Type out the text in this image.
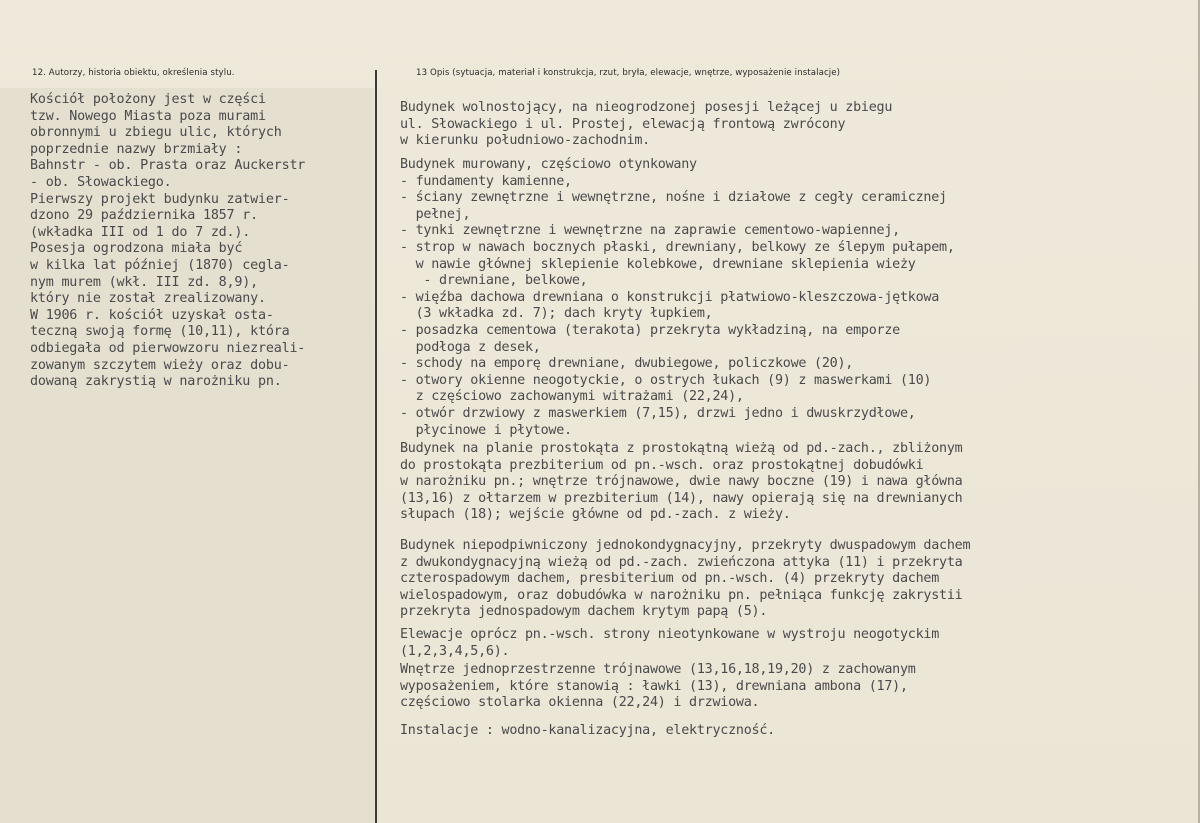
12. Autorzy, historia obiektu, określenia stylu.	13 Opis (sytuacja, materiał i konstrukcja, rzut, bryła, elewacje, wnętrze, wyposażenie instalacje)
Kościół położony jest w części
tzw. Nowego Miasta poza murami
obronnymi u zbiegu ulic, których
poprzednie nazwy brzmiały :
Bahnstr - ob. Prasta oraz Auckerstr
- ob. Słowackiego.
Pierwszy projekt budynku zatwier-
dzono 29 października 1857 r.
(wkładka III od 1 do 7 zd.).
Posesja ogrodzona miała być
w kilka lat później (1870) cegla-
nym murem (wkł. III zd. 8,9),
który nie został zrealizowany.
W 1906 r. kościół uzyskał osta-
teczną swoją formę (10,11), która
odbiegała od pierwowzoru niezreali-
zowanym szczytem wieży oraz dobu-
dowaną zakrystią w narożniku pn.
Budynek wolnostojący, na nieogrodzonej posesji leżącej u zbiegu
ul. Słowackiego i ul. Prostej, elewacją frontową zwrócony
w kierunku południowo-zachodnim.
Budynek murowany, częściowo otynkowany
- fundamenty kamienne,
- ściany zewnętrzne i wewnętrzne, nośne i działowe z cegły ceramicznej
pełnej,
- tynki zewnętrzne i wewnętrzne na zaprawie cementowo-wapiennej,
- strop w nawach bocznych płaski, drewniany, belkowy ze ślepym pułapem,
w nawie głównej sklepienie kolebkowe, drewniane sklepienia wieży
- drewniane, belkowe,
- więźba dachowa drewniana o konstrukcji płatwiowo-kleszczowa-jętkowa
(3 wkładka zd. 7); dach kryty łupkiem,
- posadzka cementowa (terakota) przekryta wykładziną, na emporze
podłoga z desek,
- schody na emporę drewniane, dwubiegowe, policzkowe (20),
- otwory okienne neogotyckie, o ostrych łukach (9) z maswerkami (10)
z częściowo zachowanymi witrażami (22,24),
- otwór drzwiowy z maswerkiem (7,15), drzwi jedno i dwuskrzydłowe,
płycinowe i płytowe.
Budynek na planie prostokąta z prostokątną wieżą od pd.-zach., zbliżonym
do prostokąta prezbiterium od pn.-wsch. oraz prostokątnej dobudówki
w narożniku pn.; wnętrze trójnawowe, dwie nawy boczne (19) i nawa główna
(13,16) z ołtarzem w prezbiterium (14), nawy opierają się na drewnianych
słupach (18); wejście główne od pd.-zach. z wieży.
Budynek niepodpiwniczony jednokondygnacyjny, przekryty dwuspadowym dachem
z dwukondygnacyjną wieżą od pd.-zach. zwieńczona attyka (11) i przekryta
czterospadowym dachem, presbiterium od pn.-wsch. (4) przekryty dachem
wielospadowym, oraz dobudówka w narożniku pn. pełniąca funkcję zakrystii
przekryta jednospadowym dachem krytym papą (5).
Elewacje oprócz pn.-wsch. strony nieotynkowane w wystroju neogotyckim
(1,2,3,4,5,6).
Wnętrze jednoprzestrzenne trójnawowe (13,16,18,19,20) z zachowanym
wyposażeniem, które stanowią : ławki (13), drewniana ambona (17),
częściowo stolarka okienna (22,24) i drzwiowa.
Instalacje : wodno-kanalizacyjna, elektryczność.
